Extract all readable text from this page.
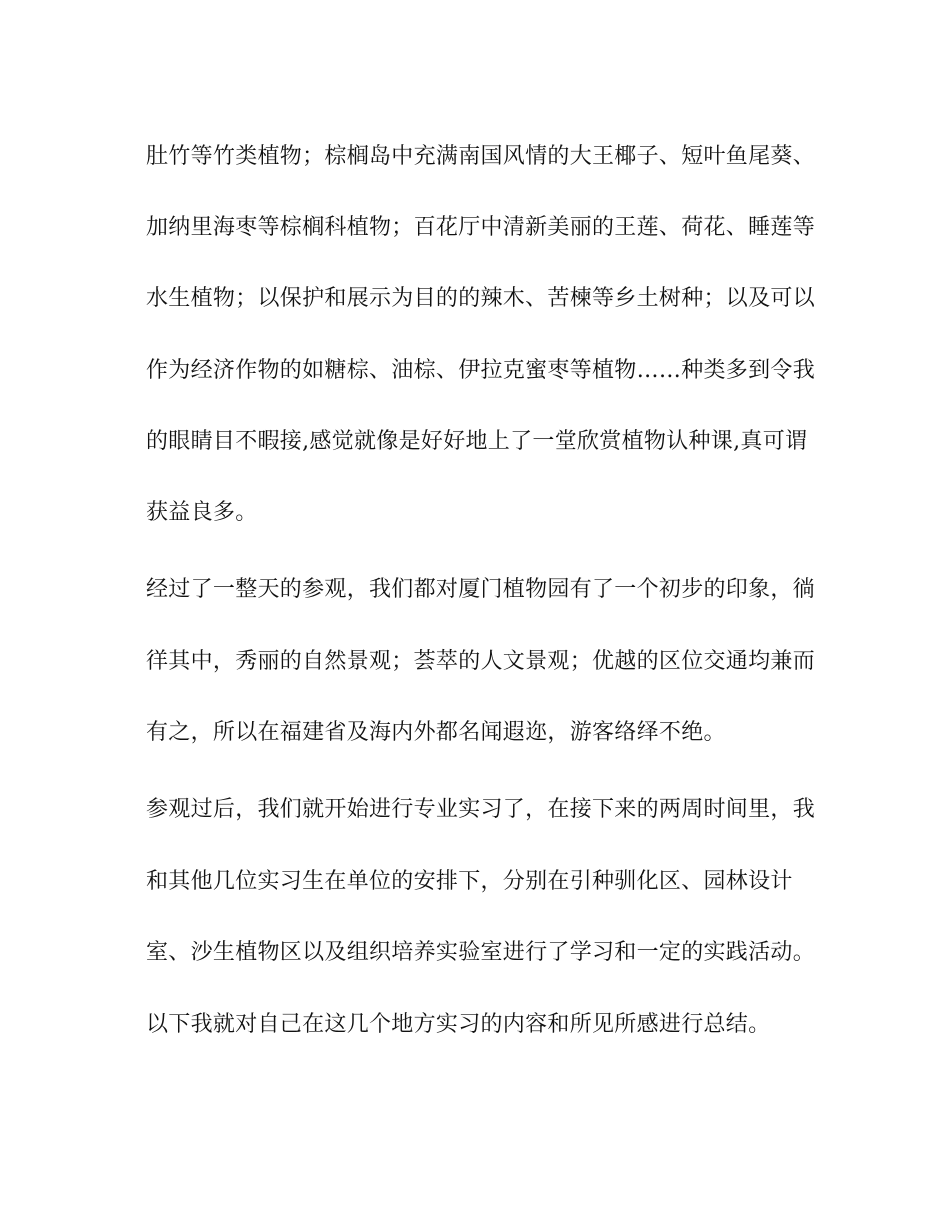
肚竹等竹类植物；棕榈岛中充满南国风情的大王椰子、短叶鱼尾葵、
加纳里海枣等棕榈科植物；百花厅中清新美丽的王莲、荷花、睡莲等
水生植物；以保护和展示为目的的辣木、苦楝等乡土树种；以及可以
作为经济作物的如糖棕、油棕、伊拉克蜜枣等植物……种类多到令我
的眼睛目不暇接,感觉就像是好好地上了一堂欣赏植物认种课,真可谓
获益良多。
经过了一整天的参观，我们都对厦门植物园有了一个初步的印象，徜
徉其中，秀丽的自然景观；荟萃的人文景观；优越的区位交通均兼而
有之，所以在福建省及海内外都名闻遐迩，游客络绎不绝。
参观过后，我们就开始进行专业实习了，在接下来的两周时间里，我
和其他几位实习生在单位的安排下，分别在引种驯化区、园林设计
室、沙生植物区以及组织培养实验室进行了学习和一定的实践活动。
以下我就对自己在这几个地方实习的内容和所见所感进行总结。
